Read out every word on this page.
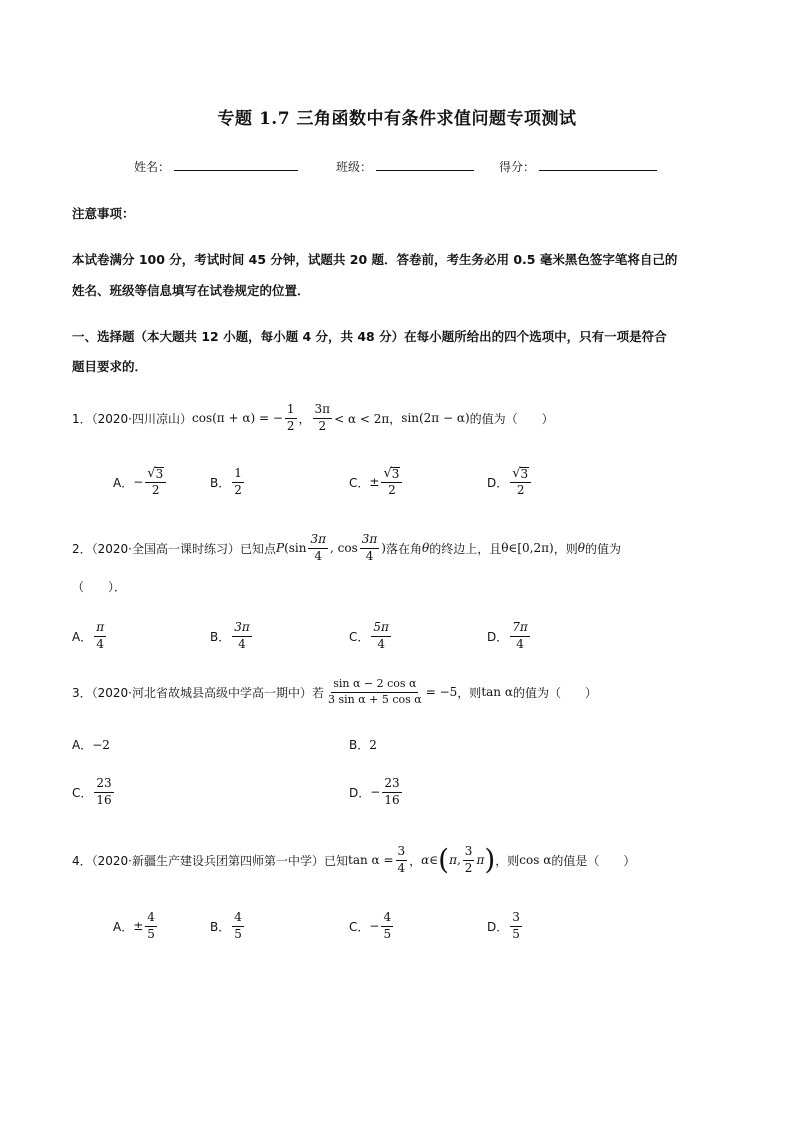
专题 1.7 三角函数中有条件求值问题专项测试
姓名：	班级：	得分：
注意事项：
本试卷满分 100 分，考试时间 45 分钟，试题共 20 题．答卷前，考生务必用 0.5 毫米黑色签字笔将自己的
姓名、班级等信息填写在试卷规定的位置．
一、选择题（本大题共 12 小题，每小题 4 分，共 48 分）在每小题所给出的四个选项中，只有一项是符合
题目要求的．
1．（2020·四川凉山） cos(π + α) = − $\frac{1}{2}$ ， $\frac{3\pi}{2} < \alpha < 2\pi$， sin(2π − α) 的值为（　　）
A． − $\frac{√ 3}{2}$	B． $\frac{1}{2}$	C． ± $\frac{√ 3}{2}$	D． $\frac{√ 3}{2}$
2．（2020·全国高一课时练习）已知点 P ($\sin \frac{3\pi}{4}$ , $\cos \frac{3\pi}{4}$ ) 落在角 θ 的终边上，且 θ∈[0,2π) ，则 θ 的值为
（　　）．
A． $\frac{\pi}{4}$	B． $\frac{3\pi}{4}$	C． $\frac{5\pi}{4}$	D． $\frac{7\pi}{4}$
3．（2020·河北省故城县高级中学高一期中）若 $\frac{\text{sin α − 2 cos α}}{\text{3 sin α + 5 cos α}} = -5$ ，则 tan α 的值为（　　）
A．−2	B．2
C． $\frac{23}{16}$	D． − $\frac{23}{16}$
4．（2020·新疆生产建设兵团第四师第一中学）已知 $\tan \alpha = \frac{3}{4}$ ， α∈ ( π, $\frac{3}{2}$ π ) ，则 cos α 的值是（　　）
A． ± $\frac{4}{5}$	B． $\frac{4}{5}$	C． − $\frac{4}{5}$	D． $\frac{3}{5}$
